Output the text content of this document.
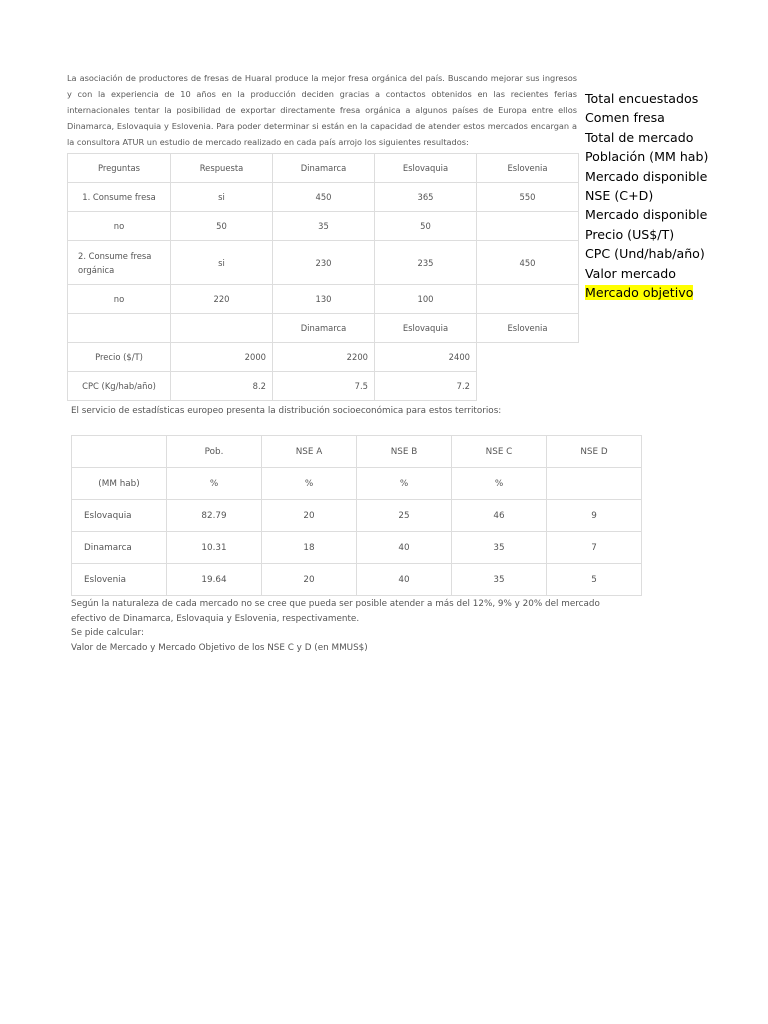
La asociación de productores de fresas de Huaral produce la mejor fresa orgánica del país. Buscando mejorar sus ingresos y con la experiencia de 10 años en la producción deciden gracias a contactos obtenidos en las recientes ferias internacionales tentar la posibilidad de exportar directamente fresa orgánica a algunos países de Europa entre ellos Dinamarca, Eslovaquia y Eslovenia. Para poder determinar si están en la capacidad de atender estos mercados encargan a la consultora ATUR un estudio de mercado realizado en cada país arrojo los siguientes resultados:
Preguntas	Respuesta	Dinamarca	Eslovaquia	Eslovenia
1. Consume fresa	si	450	365	550
no	50	35	50	
2. Consume fresa orgánica	si	230	235	450
no	220	130	100	
		Dinamarca	Eslovaquia	Eslovenia
Precio ($/T)	2000	2200	2400	
CPC (Kg/hab/año)	8.2	7.5	7.2	
El servicio de estadísticas europeo presenta la distribución socioeconómica para estos territorios:
	Pob.	NSE A	NSE B	NSE C	NSE D
(MM hab)	%	%	%	%	
Eslovaquia	82.79	20	25	46	9
Dinamarca	10.31	18	40	35	7
Eslovenia	19.64	20	40	35	5

Según la naturaleza de cada mercado no se cree que pueda ser posible atender a más del 12%, 9% y 20% del mercado efectivo de Dinamarca, Eslovaquia y Eslovenia, respectivamente.

Se pide calcular:

Valor de Mercado y Mercado Objetivo de los NSE C y D (en MMUS$)

Total encuestados
Comen fresa
Total de mercado
Población (MM hab)
Mercado disponible
NSE (C+D)
Mercado disponible
Precio (US$/T)
CPC (Und/hab/año)
Valor mercado
Mercado objetivo
